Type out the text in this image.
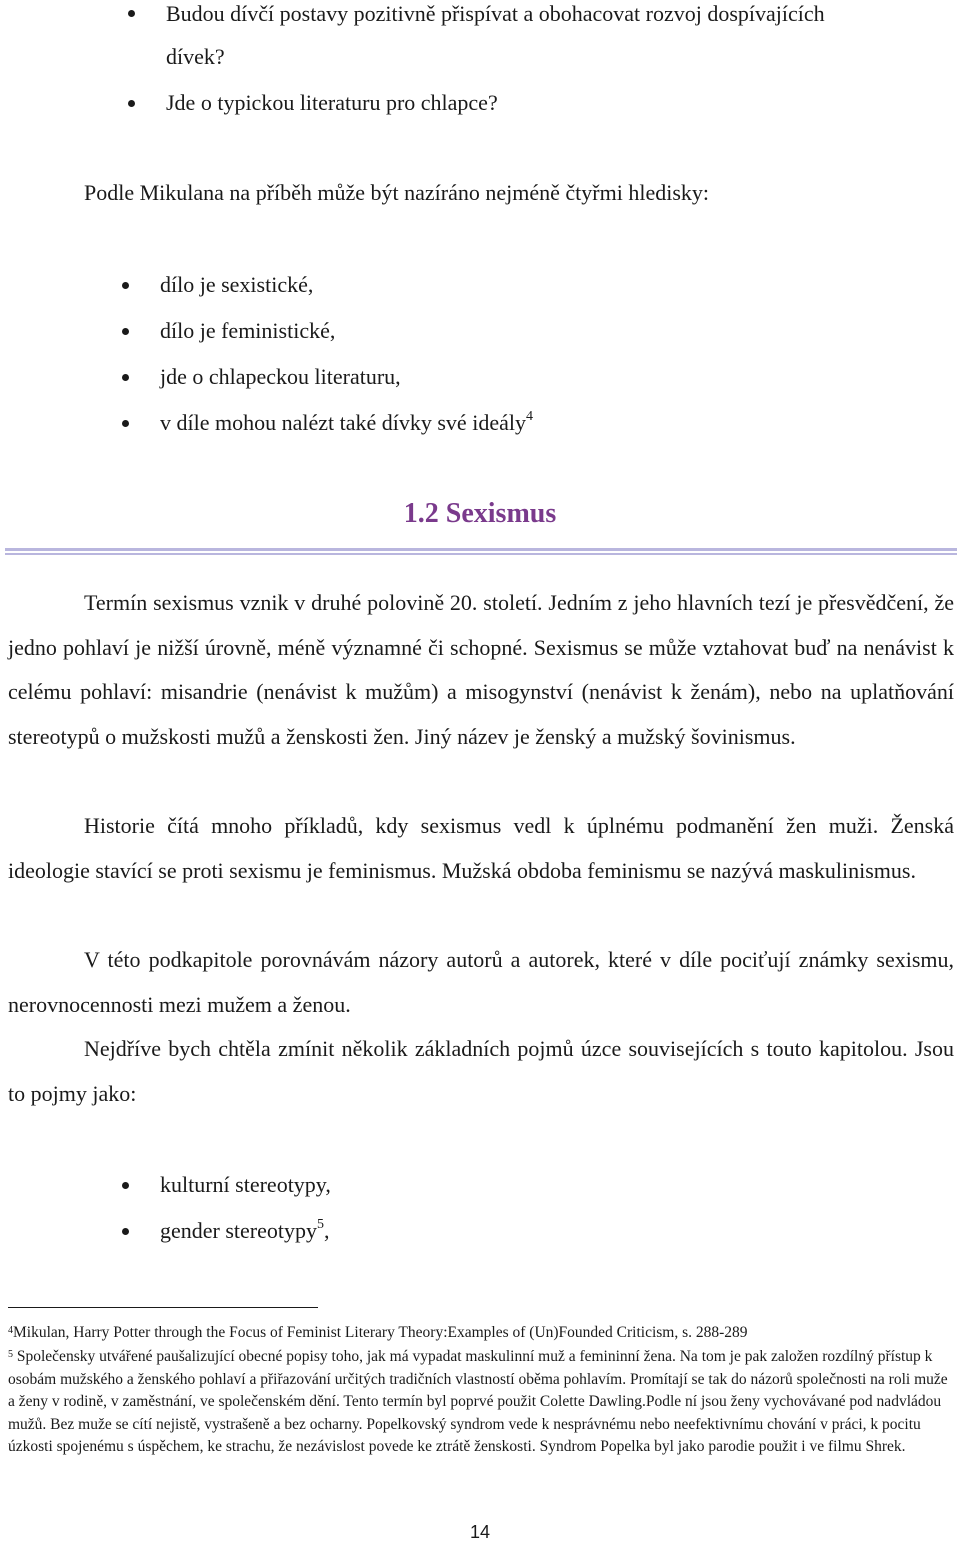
Budou dívčí postavy pozitivně přispívat a obohacovat rozvoj dospívajících
dívek?
Jde o typickou literaturu pro chlapce?
Podle Mikulana na příběh může být nazíráno nejméně čtyřmi hledisky:
dílo je sexistické,
dílo je feministické,
jde o chlapeckou literaturu,
v díle mohou nalézt také dívky své ideály$^4$
1.2 Sexismus
Termín sexismus vznik v druhé polovině 20. století. Jedním z jeho hlavních tezí je přesvědčení, že jedno pohlaví je nižší úrovně, méně významné či schopné. Sexismus se může vztahovat buď na nenávist k celému pohlaví: misandrie (nenávist k mužům) a misogynství (nenávist k ženám), nebo na uplatňování stereotypů o mužskosti mužů a ženskosti žen. Jiný název je ženský a mužský šovinismus.
Historie čítá mnoho příkladů, kdy sexismus vedl k úplnému podmanění žen muži. Ženská ideologie stavící se proti sexismu je feminismus. Mužská obdoba feminismu se nazývá maskulinismus.
V této podkapitole porovnávám názory autorů a autorek, které v díle pociťují známky sexismu, nerovnocennosti mezi mužem a ženou.
Nejdříve bych chtěla zmínit několik základních pojmů úzce souvisejících s touto kapitolou. Jsou to pojmy jako:
kulturní stereotypy,
gender stereotypy$^5$,
$^4$Mikulan, Harry Potter through the Focus of Feminist Literary Theory:Examples of (Un)Founded Criticism, s. 288-289
$^5$ Společensky utvářené paušalizující obecné popisy toho, jak má vypadat maskulinní muž a femininní žena. Na tom je pak založen rozdílný přístup k osobám mužského a ženského pohlaví a přiřazování určitých tradičních vlastností oběma pohlavím. Promítají se tak do názorů společnosti na roli muže a ženy v rodině, v zaměstnání, ve společenském dění. Tento termín byl poprvé použit Colette Dawling.Podle ní jsou ženy vychovávané pod nadvládou mužů. Bez muže se cítí nejistě, vystrašeně a bez ocharny. Popelkovský syndrom vede k nesprávnému nebo neefektivnímu chování v práci, k pocitu úzkosti spojenému s úspěchem, ke strachu, že nezávislost povede ke ztrátě ženskosti. Syndrom Popelka byl jako parodie použit i ve filmu Shrek.
14
